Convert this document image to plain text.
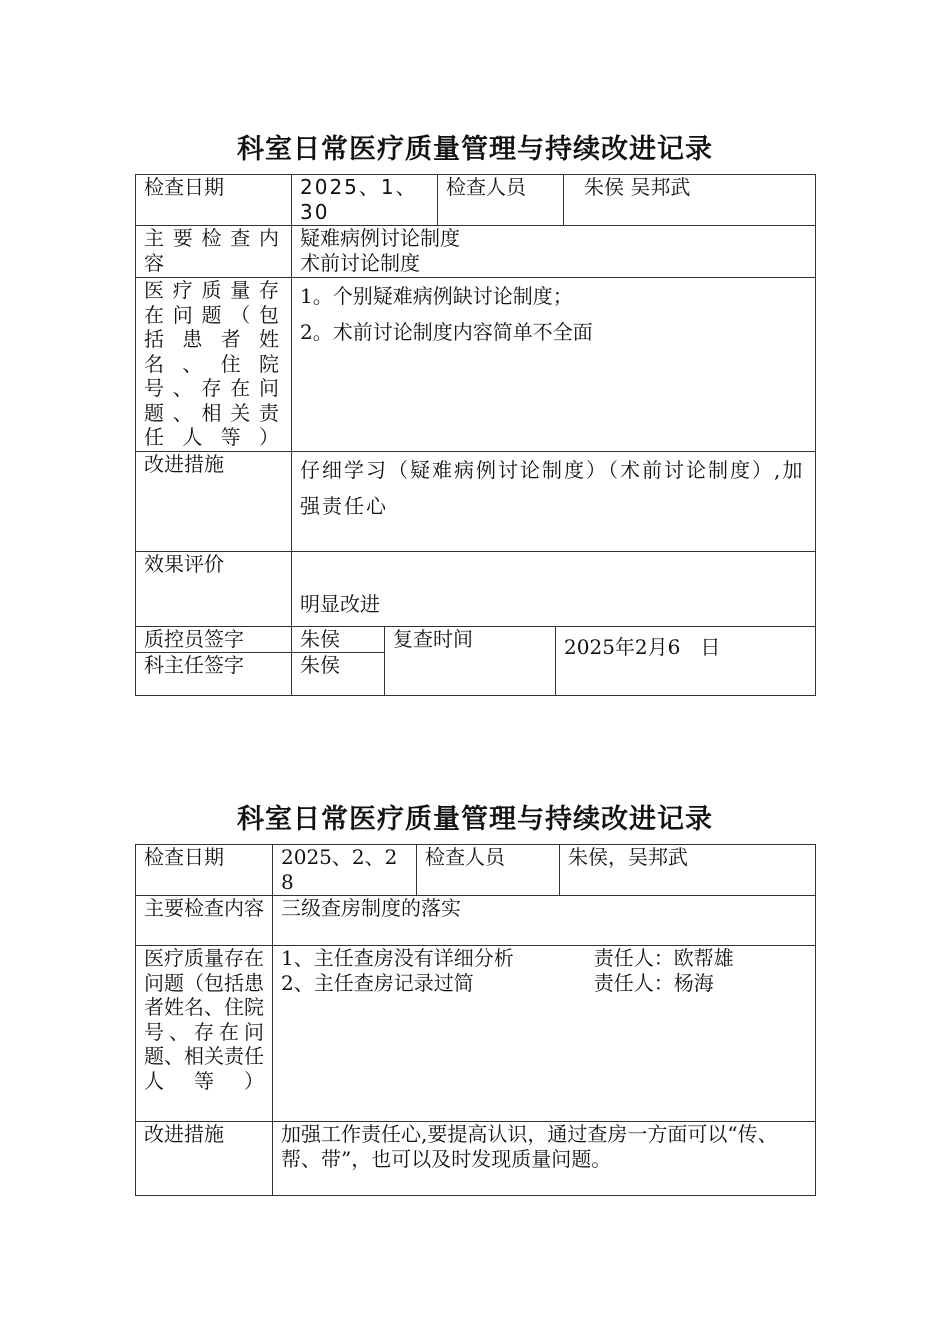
科室日常医疗质量管理与持续改进记录
检查日期	2025、1、30		检查人员		朱侯 吴邦武
主要检查内容	疑难病例讨论制度
术前讨论制度				

医疗质量存在问题（包括患者姓名、住院号、存在问题、相关责任人等）	1。个别疑难病例缺讨论制度；
2。术前讨论制度内容简单不全面				

改进措施	仔细学习（疑难病例讨论制度）（术前讨论制度）,加强责任心				
效果评价	明显改进				
质控员签字	朱侯	复查时间		2025年2月6　日	
科主任签字	朱侯				
科室日常医疗质量管理与持续改进记录
检查日期	2025、2、28	检查人员	朱侯，吴邦武
主要检查内容	三级查房制度的落实		
医疗质量存在问题（包括患者姓名、住院号、存在问题、相关责任人等）	1、主任查房没有详细分析　　　　责任人：欧帮雄
2、主任查房记录过简　　　　　　责任人：杨海		

改进措施	加强工作责任心,要提高认识，通过查房一方面可以“传、帮、带”，也可以及时发现质量问题。		
